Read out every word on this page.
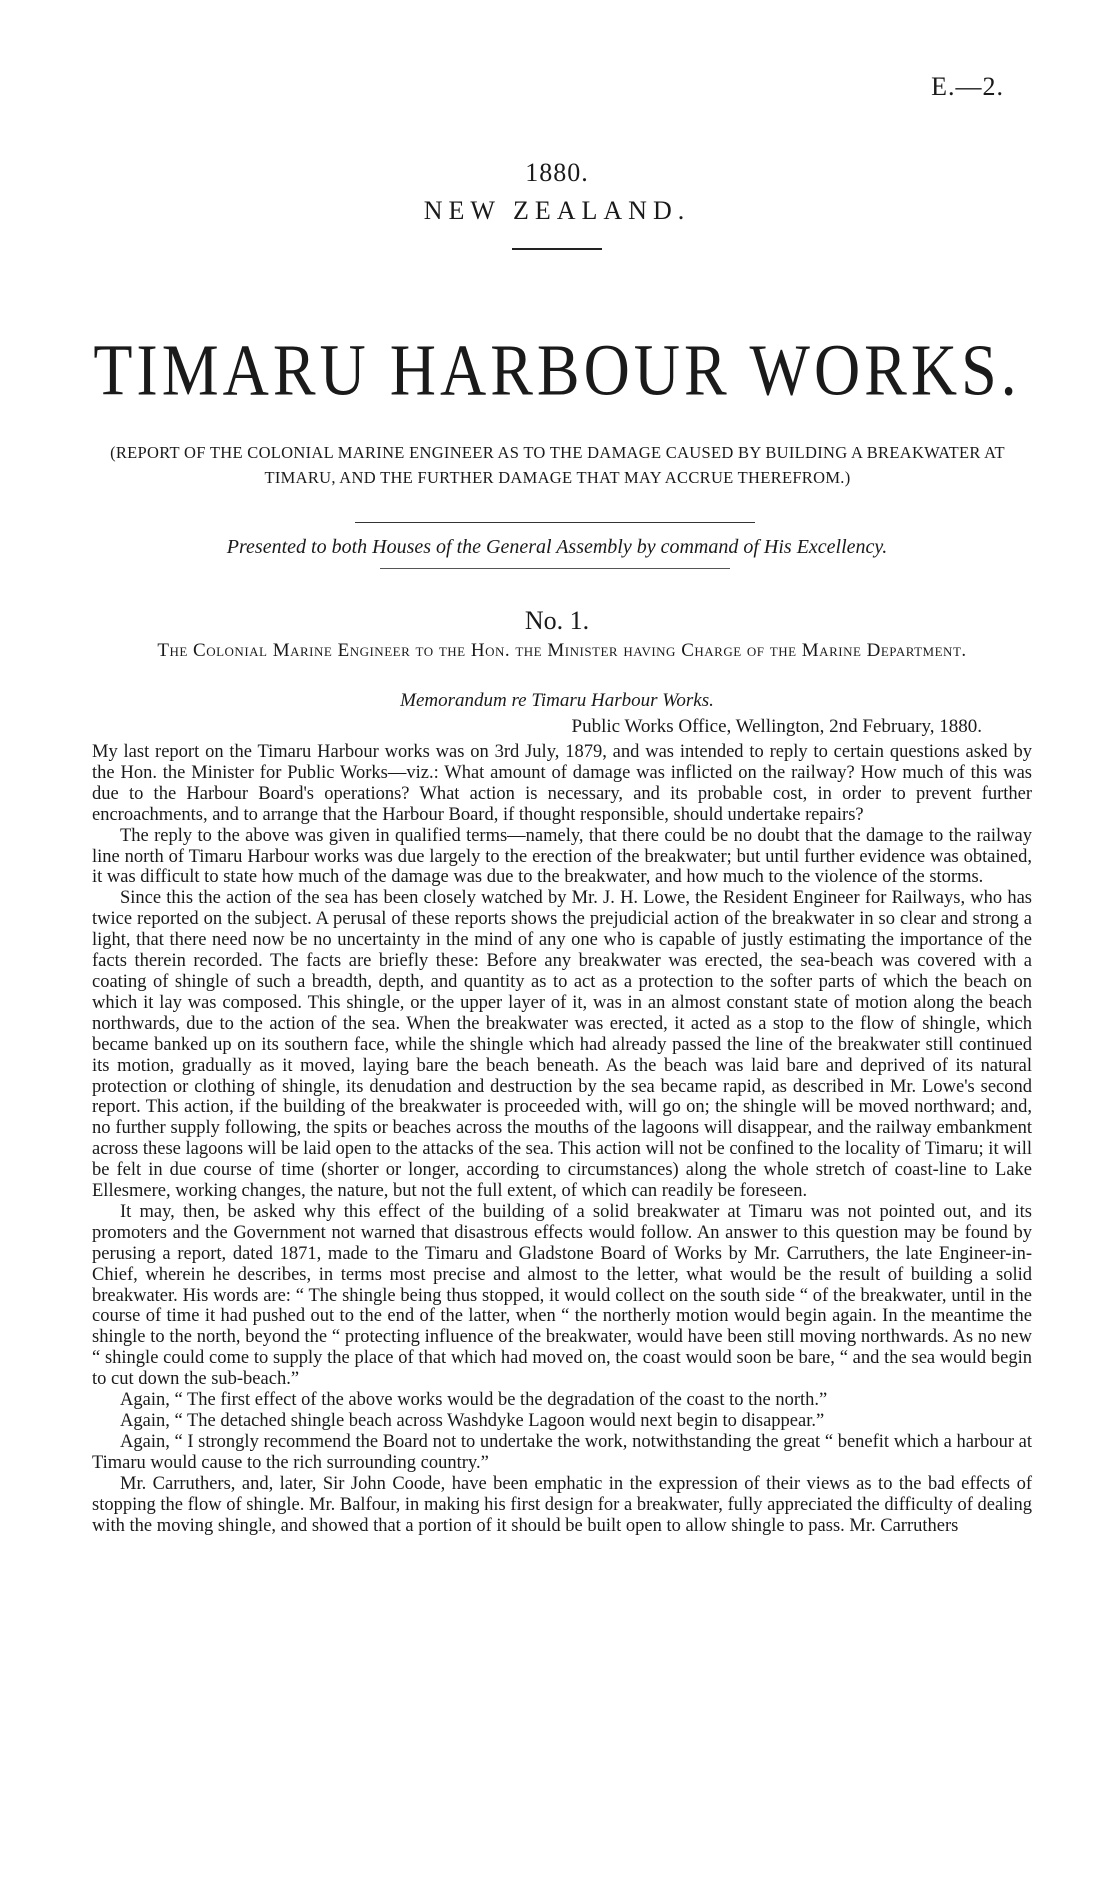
E.—2.
1880.
NEW ZEALAND.
TIMARU HARBOUR WORKS.
(REPORT OF THE COLONIAL MARINE ENGINEER AS TO THE DAMAGE CAUSED BY BUILDING A BREAKWATER AT TIMARU, AND THE FURTHER DAMAGE THAT MAY ACCRUE THEREFROM.)
Presented to both Houses of the General Assembly by command of His Excellency.
No. 1.
The Colonial Marine Engineer to the Hon. the Minister having Charge of the Marine Department.
Memorandum re Timaru Harbour Works.
Public Works Office, Wellington, 2nd February, 1880.

My last report on the Timaru Harbour works was on 3rd July, 1879, and was intended to reply to certain questions asked by the Hon. the Minister for Public Works—viz.: What amount of damage was inflicted on the railway? How much of this was due to the Harbour Board's operations? What action is necessary, and its probable cost, in order to prevent further encroachments, and to arrange that the Harbour Board, if thought responsible, should undertake repairs?

The reply to the above was given in qualified terms—namely, that there could be no doubt that the damage to the railway line north of Timaru Harbour works was due largely to the erection of the breakwater; but until further evidence was obtained, it was difficult to state how much of the damage was due to the breakwater, and how much to the violence of the storms.

Since this the action of the sea has been closely watched by Mr. J. H. Lowe, the Resident Engineer for Railways, who has twice reported on the subject. A perusal of these reports shows the prejudicial action of the breakwater in so clear and strong a light, that there need now be no uncertainty in the mind of any one who is capable of justly estimating the importance of the facts therein recorded. The facts are briefly these: Before any breakwater was erected, the sea-beach was covered with a coating of shingle of such a breadth, depth, and quantity as to act as a protection to the softer parts of which the beach on which it lay was composed. This shingle, or the upper layer of it, was in an almost constant state of motion along the beach northwards, due to the action of the sea. When the breakwater was erected, it acted as a stop to the flow of shingle, which became banked up on its southern face, while the shingle which had already passed the line of the breakwater still continued its motion, gradually as it moved, laying bare the beach beneath. As the beach was laid bare and deprived of its natural protection or clothing of shingle, its denudation and destruction by the sea became rapid, as described in Mr. Lowe's second report. This action, if the building of the breakwater is proceeded with, will go on; the shingle will be moved northward; and, no further supply following, the spits or beaches across the mouths of the lagoons will disappear, and the railway embankment across these lagoons will be laid open to the attacks of the sea. This action will not be confined to the locality of Timaru; it will be felt in due course of time (shorter or longer, according to circumstances) along the whole stretch of coast-line to Lake Ellesmere, working changes, the nature, but not the full extent, of which can readily be foreseen.

It may, then, be asked why this effect of the building of a solid breakwater at Timaru was not pointed out, and its promoters and the Government not warned that disastrous effects would follow. An answer to this question may be found by perusing a report, dated 1871, made to the Timaru and Gladstone Board of Works by Mr. Carruthers, the late Engineer-in-Chief, wherein he describes, in terms most precise and almost to the letter, what would be the result of building a solid breakwater. His words are: “ The shingle being thus stopped, it would collect on the south side “ of the breakwater, until in the course of time it had pushed out to the end of the latter, when “ the northerly motion would begin again. In the meantime the shingle to the north, beyond the “ protecting influence of the breakwater, would have been still moving northwards. As no new “ shingle could come to supply the place of that which had moved on, the coast would soon be bare, “ and the sea would begin to cut down the sub-beach.”

Again, “ The first effect of the above works would be the degradation of the coast to the north.”

Again, “ The detached shingle beach across Washdyke Lagoon would next begin to disappear.”

Again, “ I strongly recommend the Board not to undertake the work, notwithstanding the great “ benefit which a harbour at Timaru would cause to the rich surrounding country.”

Mr. Carruthers, and, later, Sir John Coode, have been emphatic in the expression of their views as to the bad effects of stopping the flow of shingle. Mr. Balfour, in making his first design for a breakwater, fully appreciated the difficulty of dealing with the moving shingle, and showed that a portion of it should be built open to allow shingle to pass. Mr. Carruthers
